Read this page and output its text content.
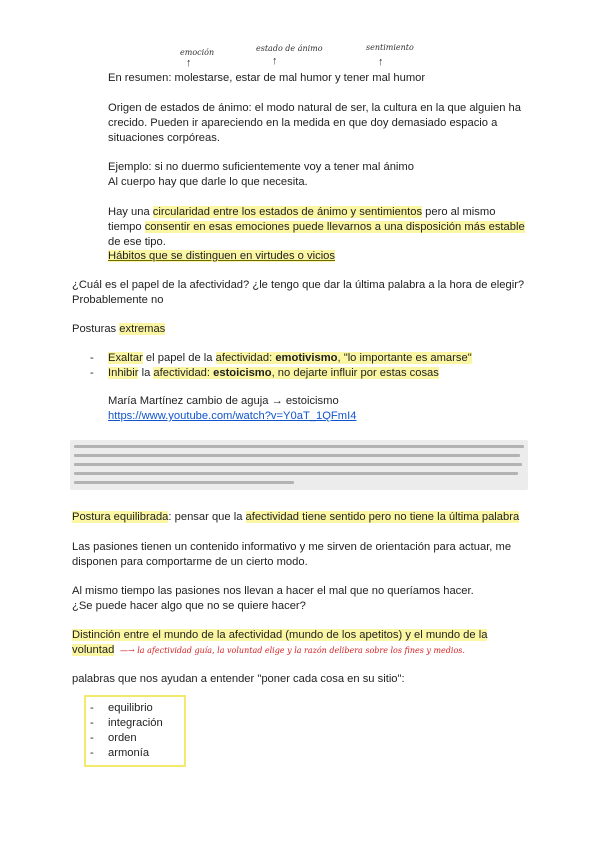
emoción
↑
estado de ánimo
↑
sentimiento
↑
En resumen: molestarse, estar de mal humor y tener mal humor
Origen de estados de ánimo: el modo natural de ser, la cultura en la que alguien ha
crecido. Pueden ir apareciendo en la medida en que doy demasiado espacio a
situaciones corpóreas.
Ejemplo: si no duermo suficientemente voy a tener mal ánimo
Al cuerpo hay que darle lo que necesita.
Hay una circularidad entre los estados de ánimo y sentimientos pero al mismo
tiempo consentir en esas emociones puede llevarnos a una disposición más estable
de ese tipo.
Hábitos que se distinguen en virtudes o vicios
¿Cuál es el papel de la afectividad? ¿le tengo que dar la última palabra a la hora de elegir?
Probablemente no
Posturas extremas
- Exaltar el papel de la afectividad: emotivismo, "lo importante es amarse"
- Inhibir la afectividad: estoicismo, no dejarte influir por estas cosas
María Martínez cambio de aguja → estoicismo
https://www.youtube.com/watch?v=Y0aT_1QFmI4
Postura equilibrada: pensar que la afectividad tiene sentido pero no tiene la última palabra
Las pasiones tienen un contenido informativo y me sirven de orientación para actuar, me
disponen para comportarme de un cierto modo.
Al mismo tiempo las pasiones nos llevan a hacer el mal que no queríamos hacer.
¿Se puede hacer algo que no se quiere hacer?
Distinción entre el mundo de la afectividad (mundo de los apetitos) y el mundo de la
voluntad —→ la afectividad guía, la voluntad elige y la razón delibera sobre los fines y medios.
palabras que nos ayudan a entender "poner cada cosa en su sitio":
- equilibrio
- integración
- orden
- armonía
